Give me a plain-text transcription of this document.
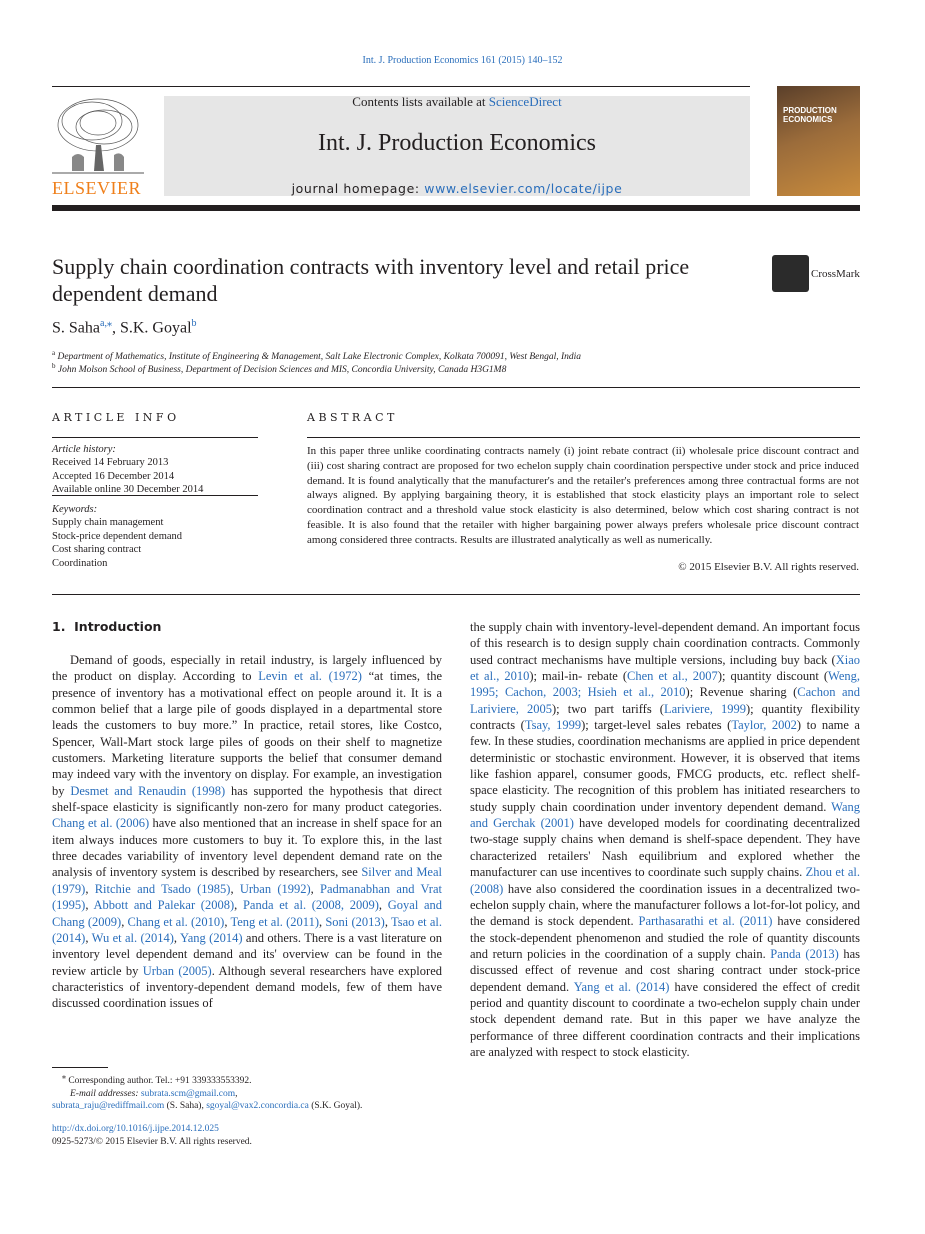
Int. J. Production Economics 161 (2015) 140–152
ELSEVIER
Contents lists available at ScienceDirect
Int. J. Production Economics
journal homepage: www.elsevier.com/locate/ijpe
PRODUCTION ECONOMICS
Supply chain coordination contracts with inventory level and retail price dependent demand
CrossMark
S. Saha$^{a,⁎}$, S.K. Goyal$^b$
$^a$ Department of Mathematics, Institute of Engineering & Management, Salt Lake Electronic Complex, Kolkata 700091, West Bengal, India
$^b$ John Molson School of Business, Department of Decision Sciences and MIS, Concordia University, Canada H3G1M8
ARTICLE INFO
Article history:
Received 14 February 2013
Accepted 16 December 2014
Available online 30 December 2014
Keywords:
Supply chain management
Stock-price dependent demand
Cost sharing contract
Coordination
ABSTRACT
In this paper three unlike coordinating contracts namely (i) joint rebate contract (ii) wholesale price discount contract and (iii) cost sharing contract are proposed for two echelon supply chain coordination perspective under stock and price induced demand. It is found analytically that the manufacturer's and the retailer's preferences among three contractual forms are not always aligned. By applying bargaining theory, it is established that stock elasticity plays an important role to select coordination contract and a threshold value stock elasticity is also determined, below which cost sharing contract is not feasible. It is also found that the retailer with higher bargaining power always prefers wholesale price discount contract among considered three contracts. Results are illustrated analytically as well as numerically.
© 2015 Elsevier B.V. All rights reserved.
1.  Introduction

Demand of goods, especially in retail industry, is largely influenced by the product on display. According to Levin et al. (1972) “at times, the presence of inventory has a motivational effect on people around it. It is a common belief that a large pile of goods displayed in a departmental store leads the customers to buy more.” In practice, retail stores, like Costco, Spencer, Wall-Mart stock large piles of goods on their shelf to magnetize customers. Marketing literature supports the belief that consumer demand may indeed vary with the inventory on display. For example, an investigation by Desmet and Renaudin (1998) has supported the hypothesis that direct shelf-space elasticity is significantly non-zero for many product categories. Chang et al. (2006) have also mentioned that an increase in shelf space for an item always induces more customers to buy it. To explore this, in the last three decades variability of inventory level dependent demand rate on the analysis of inventory system is described by researchers, see Silver and Meal (1979), Ritchie and Tsado (1985), Urban (1992), Padmanabhan and Vrat (1995), Abbott and Palekar (2008), Panda et al. (2008, 2009), Goyal and Chang (2009), Chang et al. (2010), Teng et al. (2011), Soni (2013), Tsao et al. (2014), Wu et al. (2014), Yang (2014) and others. There is a vast literature on inventory level dependent demand and its' overview can be found in the review article by Urban (2005). Although several researchers have explored characteristics of inventory-dependent demand models, few of them have discussed coordination issues of

the supply chain with inventory-level-dependent demand. An important focus of this research is to design supply chain coordination contracts. Commonly used contract mechanisms have multiple versions, including buy back (Xiao et al., 2010); mail-in- rebate (Chen et al., 2007); quantity discount (Weng, 1995; Cachon, 2003; Hsieh et al., 2010); Revenue sharing (Cachon and Lariviere, 2005); two part tariffs (Lariviere, 1999); quantity flexibility contracts (Tsay, 1999); target-level sales rebates (Taylor, 2002) to name a few. In these studies, coordination mechanisms are applied in price dependent deterministic or stochastic environment. However, it is observed that items like fashion apparel, consumer goods, FMCG products, etc. reflect shelf-space elasticity. The recognition of this problem has initiated researchers to study supply chain coordination under inventory dependent demand. Wang and Gerchak (2001) have developed models for coordinating decentralized two-stage supply chains when demand is shelf-space dependent. They have characterized retailers' Nash equilibrium and explored whether the manufacturer can use incentives to coordinate such supply chains. Zhou et al. (2008) have also considered the coordination issues in a decentralized two-echelon supply chain, where the manufacturer follows a lot-for-lot policy, and the demand is stock dependent. Parthasarathi et al. (2011) have considered the stock-dependent phenomenon and studied the role of quantity discounts and return policies in the coordination of a supply chain. Panda (2013) has discussed effect of revenue and cost sharing contract under stock-price dependent demand. Yang et al. (2014) have considered the effect of credit period and quantity discount to coordinate a two-echelon supply chain under stock dependent demand rate. But in this paper we have analyze the performance of three different coordination contracts and their implications are analyzed with respect to stock elasticity.

⁎ Corresponding author. Tel.: +91 339333553392.
E-mail addresses: subrata.scm@gmail.com,
subrata_raju@rediffmail.com (S. Saha), sgoyal@vax2.concordia.ca (S.K. Goyal).
http://dx.doi.org/10.1016/j.ijpe.2014.12.025
0925-5273/© 2015 Elsevier B.V. All rights reserved.
